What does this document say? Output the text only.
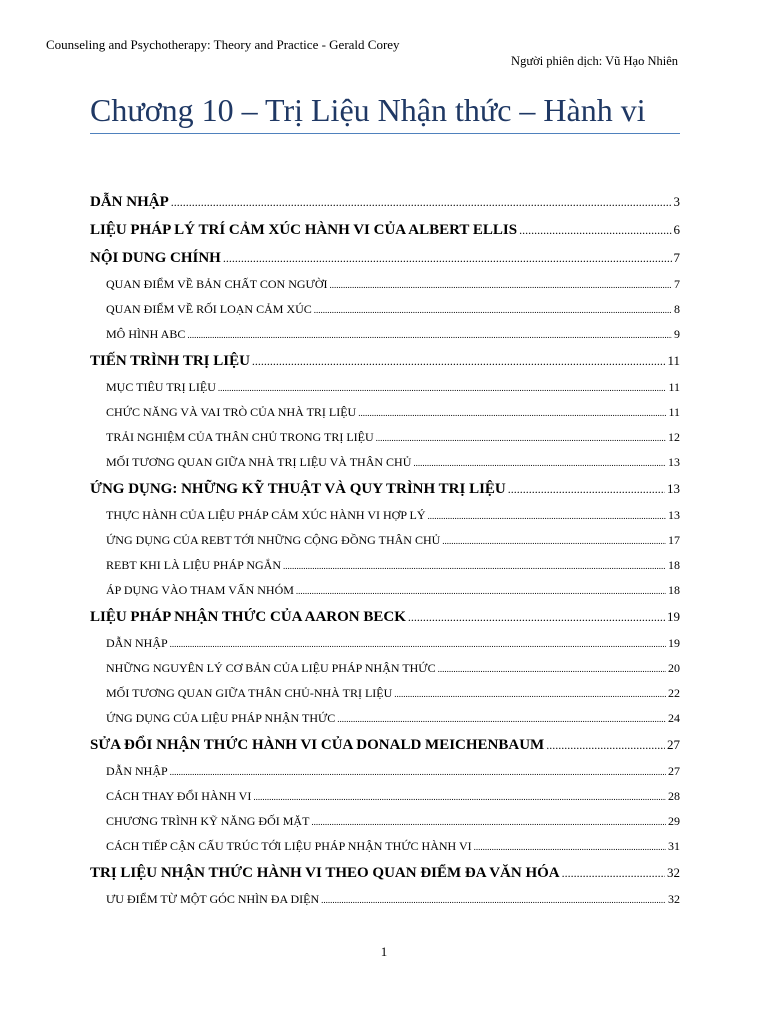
Counseling and Psychotherapy: Theory and Practice - Gerald Corey
Người phiên dịch: Vũ Hạo Nhiên
Chương 10 – Trị Liệu Nhận thức – Hành vi
DẪN NHẬP .....	3
LIỆU PHÁP LÝ TRÍ CẢM XÚC HÀNH VI CỦA ALBERT ELLIS .....	6
NỘI DUNG CHÍNH .....	7
QUAN ĐIỂM VỀ BẢN CHẤT CON NGƯỜI .....	7
QUAN ĐIỂM VỀ RỐI LOẠN CẢM XÚC .....	8
MÔ HÌNH ABC .....	9
TIẾN TRÌNH TRỊ LIỆU .....	11
MỤC TIÊU TRỊ LIỆU .....	11
CHỨC NĂNG VÀ VAI TRÒ CỦA NHÀ TRỊ LIỆU .....	11
TRẢI NGHIỆM CỦA THÂN CHỦ TRONG TRỊ LIỆU .....	12
MỐI TƯƠNG QUAN GIỮA NHÀ TRỊ LIỆU VÀ THÂN CHỦ .....	13
ỨNG DỤNG: NHỮNG KỸ THUẬT VÀ QUY TRÌNH TRỊ LIỆU .....	13
THỰC HÀNH CỦA LIỆU PHÁP CẢM XÚC HÀNH VI HỢP LÝ .....	13
ỨNG DỤNG CỦA REBT TỚI NHỮNG CỘNG ĐỒNG THÂN CHỦ .....	17
REBT KHI LÀ LIỆU PHÁP NGẮN .....	18
ÁP DỤNG VÀO THAM VẤN NHÓM .....	18
LIỆU PHÁP NHẬN THỨC CỦA AARON BECK .....	19
DẪN NHẬP .....	19
NHỮNG NGUYÊN LÝ CƠ BẢN CỦA LIỆU PHÁP NHẬN THỨC .....	20
MỐI TƯƠNG QUAN GIỮA THÂN CHỦ-NHÀ TRỊ LIỆU .....	22
ỨNG DỤNG CỦA LIỆU PHÁP NHẬN THỨC .....	24
SỬA ĐỔI NHẬN THỨC HÀNH VI CỦA DONALD MEICHENBAUM .....	27
DẪN NHẬP .....	27
CÁCH THAY ĐỔI HÀNH VI .....	28
CHƯƠNG TRÌNH KỸ NĂNG ĐỐI MẶT .....	29
CÁCH TIẾP CẬN CẤU TRÚC TỚI LIỆU PHÁP NHẬN THỨC HÀNH VI .....	31
TRỊ LIỆU NHẬN THỨC HÀNH VI THEO QUAN ĐIỂM ĐA VĂN HÓA .....	32
ƯU ĐIỂM TỪ MỘT GÓC NHÌN ĐA DIỆN .....	32
1
